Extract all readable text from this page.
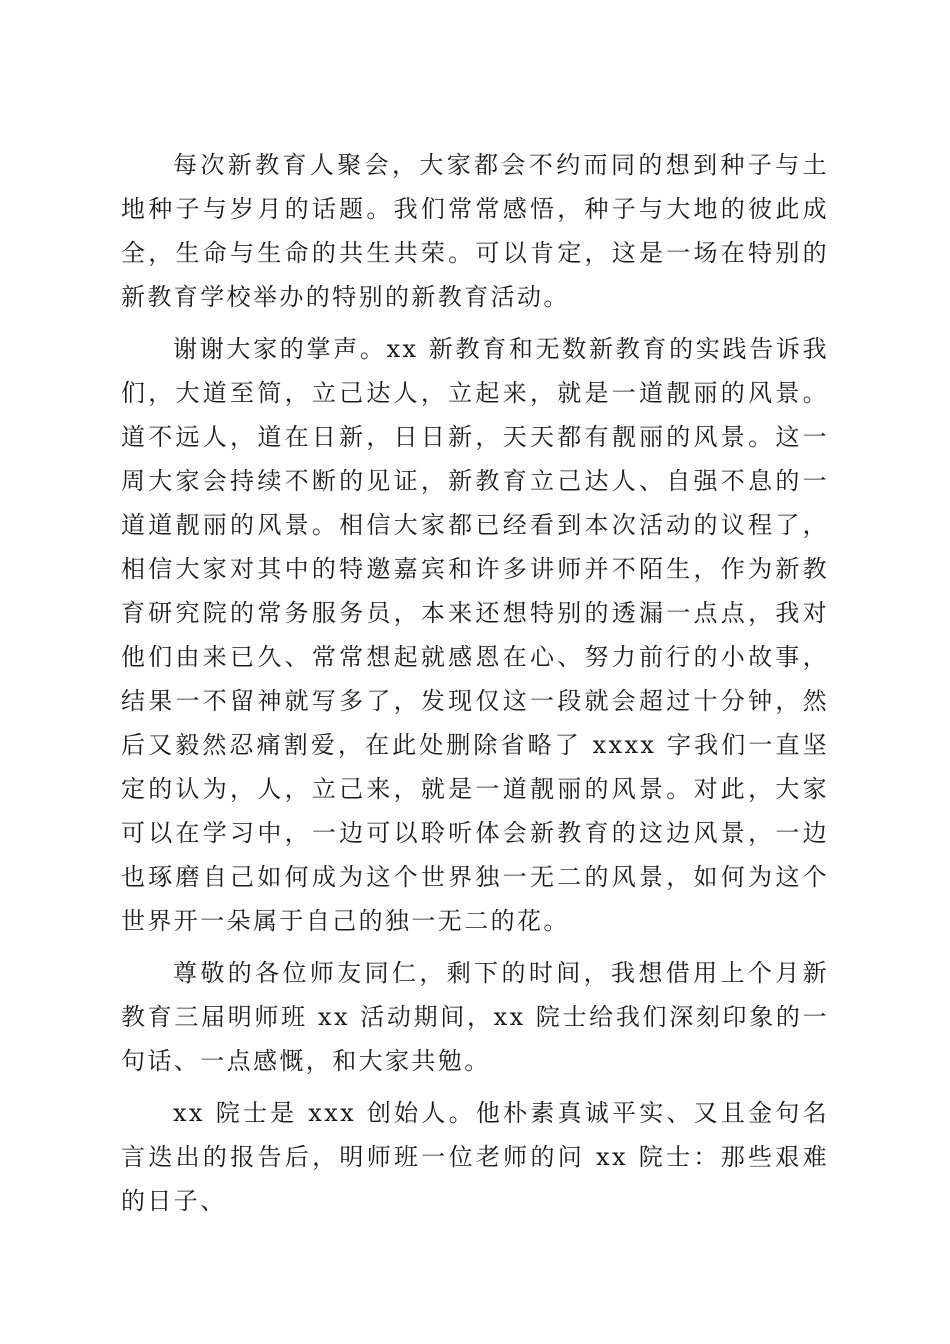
每次新教育人聚会，大家都会不约而同的想到种子与土地种子与岁月的话题。我们常常感悟，种子与大地的彼此成全，生命与生命的共生共荣。可以肯定，这是一场在特别的新教育学校举办的特别的新教育活动。

谢谢大家的掌声。xx 新教育和无数新教育的实践告诉我们，大道至简，立己达人，立起来，就是一道靓丽的风景。道不远人，道在日新，日日新，天天都有靓丽的风景。这一周大家会持续不断的见证，新教育立己达人、自强不息的一道道靓丽的风景。相信大家都已经看到本次活动的议程了，相信大家对其中的特邀嘉宾和许多讲师并不陌生，作为新教育研究院的常务服务员，本来还想特别的透漏一点点，我对他们由来已久、常常想起就感恩在心、努力前行的小故事，结果一不留神就写多了，发现仅这一段就会超过十分钟，然后又毅然忍痛割爱，在此处删除省略了 xxxx 字我们一直坚定的认为，人，立己来，就是一道靓丽的风景。对此，大家可以在学习中，一边可以聆听体会新教育的这边风景，一边也琢磨自己如何成为这个世界独一无二的风景，如何为这个世界开一朵属于自己的独一无二的花。

尊敬的各位师友同仁，剩下的时间，我想借用上个月新教育三届明师班 xx 活动期间，xx 院士给我们深刻印象的一句话、一点感慨，和大家共勉。

xx 院士是 xxx 创始人。他朴素真诚平实、又且金句名言迭出的报告后，明师班一位老师的问 xx 院士：那些艰难的日子、
